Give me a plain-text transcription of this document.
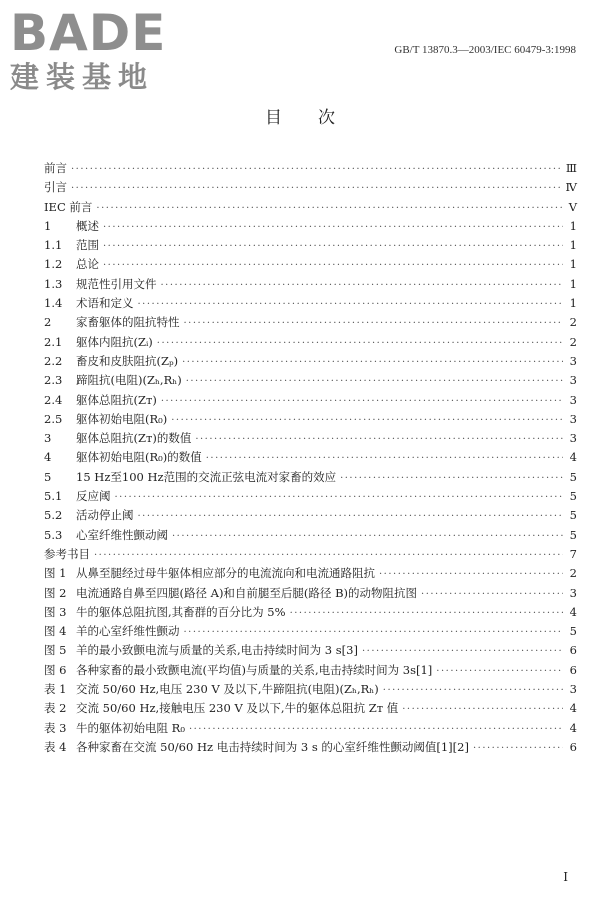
BADE
建装基地
GB/T 13870.3—2003/IEC 60479-3:1998
目次
前言 ·····	Ⅲ
引言 ·····	Ⅳ
IEC 前言 ·····	Ⅴ
1	概述 ·····	1
1.1	范围 ·····	1
1.2	总论 ·····	1
1.3	规范性引用文件 ·····	1
1.4	术语和定义 ·····	1
2	家畜躯体的阻抗特性 ·····	2
2.1	躯体内阻抗(Zᵢ) ·····	2
2.2	畜皮和皮肤阻抗(Zₚ) ·····	3
2.3	蹄阻抗(电阻)(Zₕ,Rₕ) ·····	3
2.4	躯体总阻抗(Zᴛ) ·····	3
2.5	躯体初始电阻(R₀) ·····	3
3	躯体总阻抗(Zᴛ)的数值 ·····	3
4	躯体初始电阻(R₀)的数值 ·····	4
5	15 Hz至100 Hz范围的交流正弦电流对家畜的效应 ·····	5
5.1	反应阈 ·····	5
5.2	活动停止阈 ·····	5
5.3	心室纤维性颤动阈 ·····	5
参考书目 ·····	7
图 1 从鼻至腿经过母牛躯体相应部分的电流流向和电流通路阻抗 ·····	2
图 2 电流通路自鼻至四腿(路径 A)和自前腿至后腿(路径 B)的动物阻抗图 ·····	3
图 3 牛的躯体总阻抗图,其畜群的百分比为 5% ·····	4
图 4 羊的心室纤维性颤动 ·····	5
图 5 羊的最小致颤电流与质量的关系,电击持续时间为 3 s[3] ·····	6
图 6 各种家畜的最小致颤电流(平均值)与质量的关系,电击持续时间为 3s[1] ·····	6
表 1 交流 50/60 Hz,电压 230 V 及以下,牛蹄阻抗(电阻)(Zₕ,Rₕ) ·····	3
表 2 交流 50/60 Hz,接触电压 230 V 及以下,牛的躯体总阻抗 Zᴛ 值 ·····	4
表 3 牛的躯体初始电阻 R₀ ·····	4
表 4 各种家畜在交流 50/60 Hz 电击持续时间为 3 s 的心室纤维性颤动阈值[1][2] ·····	6
Ⅰ
